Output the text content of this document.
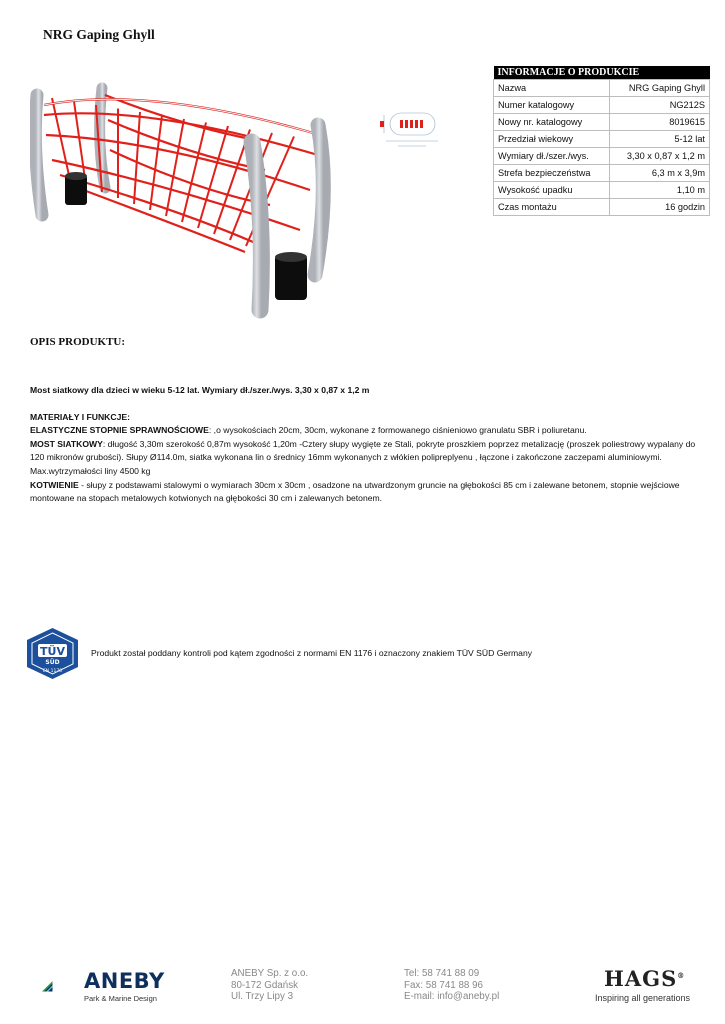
NRG Gaping Ghyll
INFORMACJE O PRODUKCIE	
Nazwa	NRG Gaping Ghyll
Numer katalogowy	NG212S
Nowy nr. katalogowy	8019615
Przedział wiekowy	5-12 lat
Wymiary dł./szer./wys.	3,30 x 0,87 x 1,2 m
Strefa bezpieczeństwa	6,3 m x 3,9m
Wysokość upadku	1,10 m
Czas montażu	16 godzin
OPIS PRODUKTU:

Most siatkowy dla dzieci w wieku 5-12 lat. Wymiary dł./szer./wys. 3,30 x 0,87 x 1,2 m

MATERIAŁY I FUNKCJE:

ELASTYCZNE STOPNIE SPRAWNOŚCIOWE: ,o wysokościach 20cm, 30cm, wykonane z formowanego ciśnieniowo granulatu SBR i poliuretanu.

MOST SIATKOWY: długość 3,30m szerokość 0,87m wysokość 1,20m -Cztery słupy wygięte ze Stali, pokryte proszkiem poprzez metalizację (proszek poliestrowy wypalany do 120 mikronów grubości). Słupy Ø114.0m, siatka wykonana lin o średnicy 16mm wykonanych z włókien polipreplyenu , łączone i zakończone zaczepami aluminiowymi. Max.wytrzymałości liny 4500 kg

KOTWIENIE - słupy z podstawami stalowymi o wymiarach 30cm x 30cm , osadzone na utwardzonym gruncie na głębokości 85 cm i zalewane betonem, stopnie wejściowe montowane na stopach metalowych kotwionych na głębokości 30 cm i zalewanych betonem.

TÜV
SÜD
EN 1176
Produkt został poddany kontroli pod kątem zgodności z normami EN 1176 i oznaczony znakiem TÜV SÜD Germany
ANEBY
Park & Marine Design
ANEBY Sp. z o.o.
80-172 Gdańsk
Ul. Trzy Lipy 3
Tel: 58 741 88 09
Fax: 58 741 88 96
E-mail: info@aneby.pl
HAGS®
Inspiring all generations
